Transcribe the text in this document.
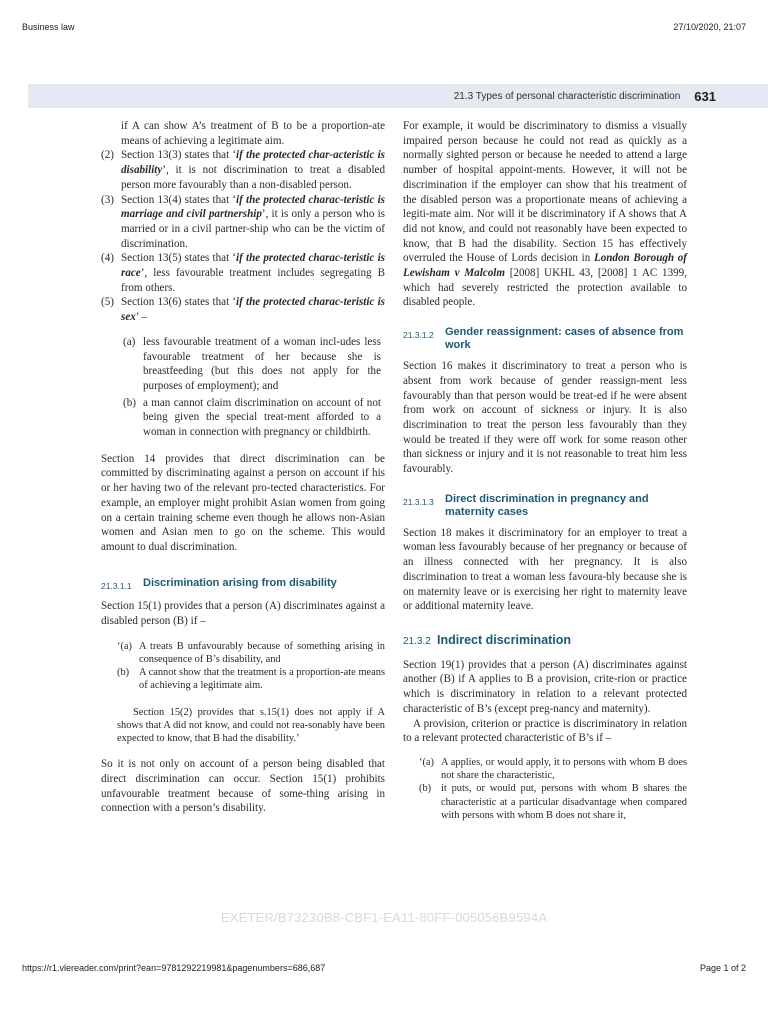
Business law	27/10/2020, 21:07
21.3 Types of personal characteristic discrimination 631

if A can show A’s treatment of B to be a proportion-ate means of achieving a legitimate aim.

(2) Section 13(3) states that ‘if the protected char-acteristic is disability’, it is not discrimination to treat a disabled person more favourably than a non-disabled person.
(3) Section 13(4) states that ‘if the protected charac-teristic is marriage and civil partnership’, it is only a person who is married or in a civil partner-ship who can be the victim of discrimination.
(4) Section 13(5) states that ‘if the protected charac-teristic is race’, less favourable treatment includes segregating B from others.
(5) Section 13(6) states that ‘if the protected charac-teristic is sex’ –
(a) less favourable treatment of a woman incl-udes less favourable treatment of her because she is breastfeeding (but this does not apply for the purposes of employment); and
(b) a man cannot claim discrimination on account of not being given the special treat-ment afforded to a woman in connection with pregnancy or childbirth.

Section 14 provides that direct discrimination can be committed by discriminating against a person on account if his or her having two of the relevant pro-tected characteristics. For example, an employer might prohibit Asian women from going on a certain training scheme even though he allows non-Asian women and Asian men to go on the scheme. This would amount to dual discrimination.

21.3.1.1	Discrimination arising from disability

Section 15(1) provides that a person (A) discriminates against a disabled person (B) if –

‘(a) A treats B unfavourably because of something arising in consequence of B’s disability, and
(b) A cannot show that the treatment is a proportion-ate means of achieving a legitimate aim.

Section 15(2) provides that s.15(1) does not apply if A shows that A did not know, and could not rea-sonably have been expected to know, that B had the disability.’

So it is not only on account of a person being disabled that direct discrimination can occur. Section 15(1) prohibits unfavourable treatment because of some-thing arising in connection with a person’s disability.

For example, it would be discriminatory to dismiss a visually impaired person because he could not read as quickly as a normally sighted person or because he needed to attend a large number of hospital appoint-ments. However, it will not be discrimination if the employer can show that his treatment of the disabled person was a proportionate means of achieving a legiti-mate aim. Nor will it be discriminatory if A shows that A did not know, and could not reasonably have been expected to know, that B had the disability. Section 15 has effectively overruled the House of Lords decision in London Borough of Lewisham v Malcolm [2008] UKHL 43, [2008] 1 AC 1399, which had severely restricted the protection available to disabled people.

21.3.1.2	Gender reassignment: cases of absence from work

Section 16 makes it discriminatory to treat a person who is absent from work because of gender reassign-ment less favourably than that person would be treat-ed if he were absent from work on account of sickness or injury. It is also discrimination to treat the person less favourably than they would be treated if they were off work for some reason other than sickness or injury and it is not reasonable to treat him less favourably.

21.3.1.3	Direct discrimination in pregnancy and maternity cases

Section 18 makes it discriminatory for an employer to treat a woman less favourably because of her pregnancy or because of an illness connected with her pregnancy. It is also discrimination to treat a woman less favoura-bly because she is on maternity leave or is exercising her right to maternity leave or additional maternity leave.

21.3.2 Indirect discrimination

Section 19(1) provides that a person (A) discriminates against another (B) if A applies to B a provision, crite-rion or practice which is discriminatory in relation to a relevant protected characteristic of B’s (except preg-nancy and maternity).

A provision, criterion or practice is discriminatory in relation to a relevant protected characteristic of B’s if –

‘(a) A applies, or would apply, it to persons with whom B does not share the characteristic,
(b) it puts, or would put, persons with whom B shares the characteristic at a particular disadvantage when compared with persons with whom B does not share it,
EXETER/B73230B8-CBF1-EA11-80FF-005056B9594A
https://r1.vlereader.com/print?ean=9781292219981&pagenumbers=686,687	Page 1 of 2
